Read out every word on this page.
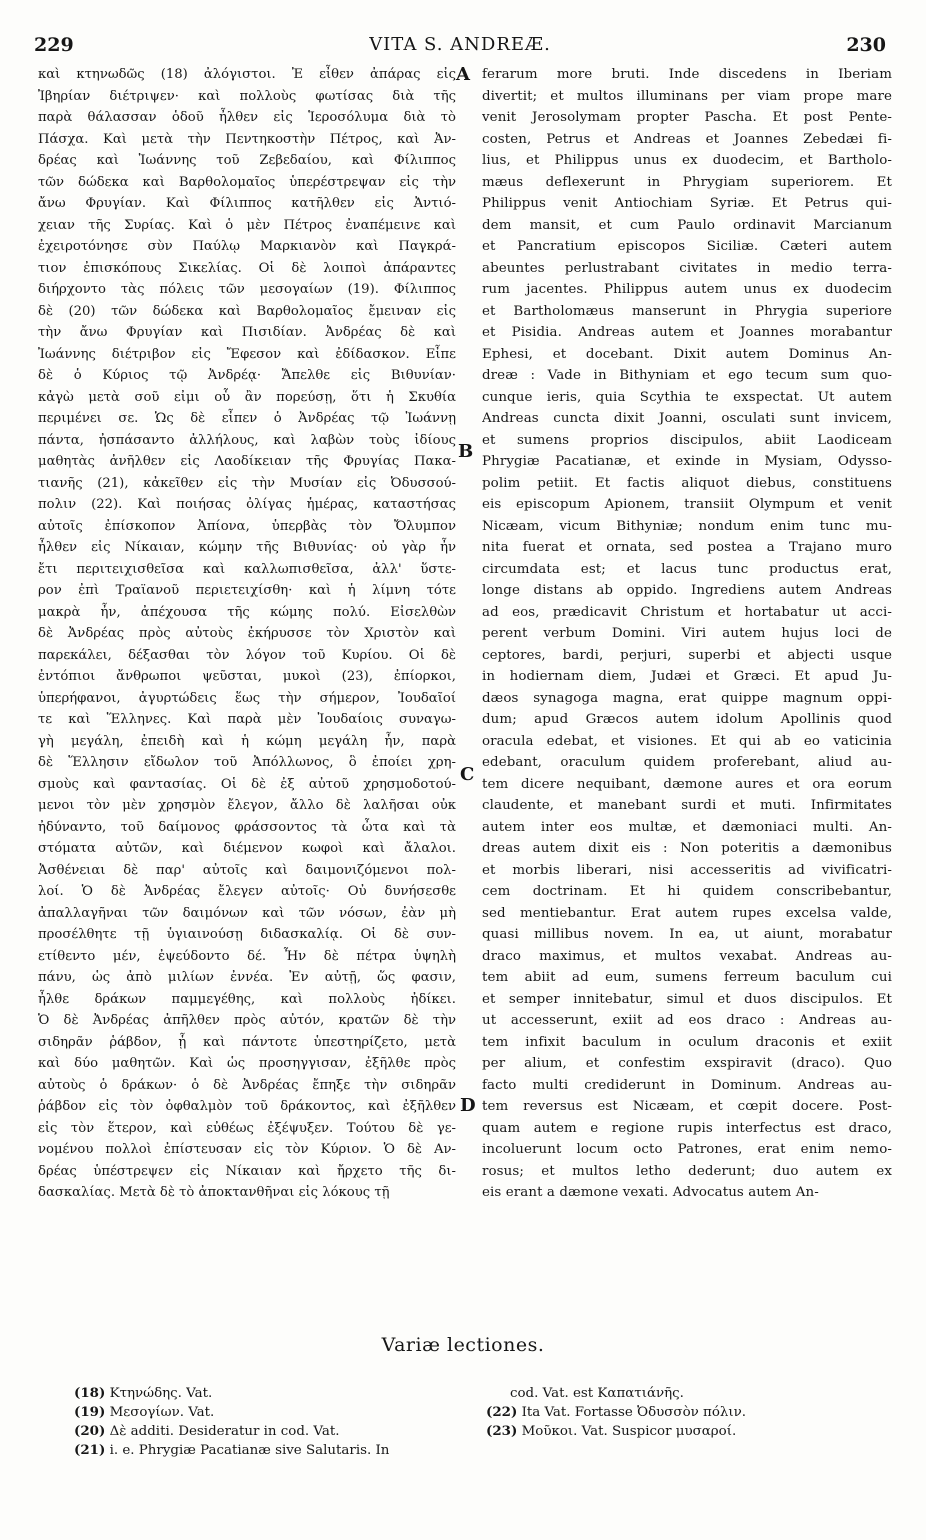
229	VITA S. ANDREÆ.	230
καὶ κτηνωδῶς (18) ἀλόγιστοι. Ἐ εἶθεν ἀπάρας εἰς
Ἰβηρίαν διέτριψεν· καὶ πολλοὺς φωτίσας διὰ τῆς
παρὰ θάλασσαν ὁδοῦ ἦλθεν εἰς Ἱεροσόλυμα διὰ τὸ
Πάσχα. Καὶ μετὰ τὴν Πεντηκοστὴν Πέτρος, καὶ Ἀν-
δρέας καὶ Ἰωάννης τοῦ Ζεβεδαίου, καὶ Φίλιππος
τῶν δώδεκα καὶ Βαρθολομαῖος ὑπερέστρεψαν εἰς τὴν
ἄνω Φρυγίαν. Καὶ Φίλιππος κατῆλθεν εἰς Ἀντιό-
χειαν τῆς Συρίας. Καὶ ὁ μὲν Πέτρος ἐναπέμεινε καὶ
ἐχειροτόνησε σὺν Παύλῳ Μαρκιανὸν καὶ Παγκρά-
τιον ἐπισκόπους Σικελίας. Οἱ δὲ λοιποὶ ἀπάραντες
διήρχοντο τὰς πόλεις τῶν μεσογαίων (19). Φίλιππος
δὲ (20) τῶν δώδεκα καὶ Βαρθολομαῖος ἔμειναν εἰς
τὴν ἄνω Φρυγίαν καὶ Πισιδίαν. Ἀνδρέας δὲ καὶ
Ἰωάννης διέτριβον εἰς Ἔφεσον καὶ ἐδίδασκον. Εἶπε
δὲ ὁ Κύριος τῷ Ἀνδρέᾳ· Ἄπελθε εἰς Βιθυνίαν·
κἀγὼ μετὰ σοῦ εἰμι οὗ ἂν πορεύσῃ, ὅτι ἡ Σκυθία
περιμένει σε. Ὡς δὲ εἶπεν ὁ Ἀνδρέας τῷ Ἰωάννῃ
πάντα, ἠσπάσαντο ἀλλήλους, καὶ λαβὼν τοὺς ἰδίους
μαθητὰς ἀνῆλθεν εἰς Λαοδίκειαν τῆς Φρυγίας Πακα-
τιανῆς (21), κἀκεῖθεν εἰς τὴν Μυσίαν εἰς Ὀδυσσού-
πολιν (22). Καὶ ποιήσας ὀλίγας ἡμέρας, καταστήσας
αὐτοῖς ἐπίσκοπον Ἀπίονα, ὑπερβὰς τὸν Ὄλυμπον
ἦλθεν εἰς Νίκαιαν, κώμην τῆς Βιθυνίας· οὐ γὰρ ἦν
ἔτι περιτειχισθεῖσα καὶ καλλωπισθεῖσα, ἀλλ' ὕστε-
ρον ἐπὶ Τραϊανοῦ περιετειχίσθη· καὶ ἡ λίμνη τότε
μακρὰ ἦν, ἀπέχουσα τῆς κώμης πολύ. Εἰσελθὼν
δὲ Ἀνδρέας πρὸς αὐτοὺς ἐκήρυσσε τὸν Χριστὸν καὶ
παρεκάλει, δέξασθαι τὸν λόγον τοῦ Κυρίου. Οἱ δὲ
ἐντόπιοι ἄνθρωποι ψεῦσται, μυκοὶ (23), ἐπίορκοι,
ὑπερήφανοι, ἀγυρτώδεις ἕως τὴν σήμερον, Ἰουδαῖοί
τε καὶ Ἕλληνες. Καὶ παρὰ μὲν Ἰουδαίοις συναγω-
γὴ μεγάλη, ἐπειδὴ καὶ ἡ κώμη μεγάλη ἦν, παρὰ
δὲ Ἕλλησιν εἴδωλον τοῦ Ἀπόλλωνος, ὃ ἐποίει χρη-
σμοὺς καὶ φαντασίας. Οἱ δὲ ἐξ αὐτοῦ χρησμοδοτού-
μενοι τὸν μὲν χρησμὸν ἔλεγον, ἄλλο δὲ λαλῆσαι οὐκ
ἠδύναντο, τοῦ δαίμονος φράσσοντος τὰ ὦτα καὶ τὰ
στόματα αὐτῶν, καὶ διέμενον κωφοὶ καὶ ἄλαλοι.
Ἀσθένειαι δὲ παρ' αὐτοῖς καὶ δαιμονιζόμενοι πολ-
λοί. Ὁ δὲ Ἀνδρέας ἔλεγεν αὐτοῖς· Οὐ δυνήσεσθε
ἀπαλλαγῆναι τῶν δαιμόνων καὶ τῶν νόσων, ἐὰν μὴ
προσέλθητε τῇ ὑγιαινούσῃ διδασκαλίᾳ. Οἱ δὲ συν-
ετίθεντο μέν, ἐψεύδοντο δέ. Ἦν δὲ πέτρα ὑψηλὴ
πάνυ, ὡς ἀπὸ μιλίων ἐννέα. Ἐν αὐτῇ, ὥς φασιν,
ἦλθε δράκων παμμεγέθης, καὶ πολλοὺς ἠδίκει.
Ὁ δὲ Ἀνδρέας ἀπῆλθεν πρὸς αὐτόν, κρατῶν δὲ τὴν
σιδηρᾶν ῥάβδον, ᾗ καὶ πάντοτε ὑπεστηρίζετο, μετὰ
καὶ δύο μαθητῶν. Καὶ ὡς προσηγγισαν, ἐξῆλθε πρὸς
αὐτοὺς ὁ δράκων· ὁ δὲ Ἀνδρέας ἔπηξε τὴν σιδηρᾶν
ῥάβδον εἰς τὸν ὀφθαλμὸν τοῦ δράκοντος, καὶ ἐξῆλθεν
εἰς τὸν ἕτερον, καὶ εὐθέως ἐξέψυξεν. Τούτου δὲ γε-
νομένου πολλοὶ ἐπίστευσαν εἰς τὸν Κύριον. Ὁ δὲ Αν-
δρέας ὑπέστρεψεν εἰς Νίκαιαν καὶ ἤρχετο τῆς δι-
δασκαλίας. Μετὰ δὲ τὸ ἀποκτανθῆναι εἰς λόκους τῇ
ferarum more bruti. Inde discedens in Iberiam
divertit; et multos illuminans per viam prope mare
venit Jerosolymam propter Pascha. Et post Pente-
costen, Petrus et Andreas et Joannes Zebedæi fi-
lius, et Philippus unus ex duodecim, et Bartholo-
mæus deflexerunt in Phrygiam superiorem. Et
Philippus venit Antiochiam Syriæ. Et Petrus qui-
dem mansit, et cum Paulo ordinavit Marcianum
et Pancratium episcopos Siciliæ. Cæteri autem
abeuntes perlustrabant civitates in medio terra-
rum jacentes. Philippus autem unus ex duodecim
et Bartholomæus manserunt in Phrygia superiore
et Pisidia. Andreas autem et Joannes morabantur
Ephesi, et docebant. Dixit autem Dominus An-
dreæ : Vade in Bithyniam et ego tecum sum quo-
cunque ieris, quia Scythia te exspectat. Ut autem
Andreas cuncta dixit Joanni, osculati sunt invicem,
et sumens proprios discipulos, abiit Laodiceam
Phrygiæ Pacatianæ, et exinde in Mysiam, Odysso-
polim petiit. Et factis aliquot diebus, constituens
eis episcopum Apionem, transiit Olympum et venit
Nicæam, vicum Bithyniæ; nondum enim tunc mu-
nita fuerat et ornata, sed postea a Trajano muro
circumdata est; et lacus tunc productus erat,
longe distans ab oppido. Ingrediens autem Andreas
ad eos, prædicavit Christum et hortabatur ut acci-
perent verbum Domini. Viri autem hujus loci de
ceptores, bardi, perjuri, superbi et abjecti usque
in hodiernam diem, Judæi et Græci. Et apud Ju-
dæos synagoga magna, erat quippe magnum oppi-
dum; apud Græcos autem idolum Apollinis quod
oracula edebat, et visiones. Et qui ab eo vaticinia
edebant, oraculum quidem proferebant, aliud au-
tem dicere nequibant, dæmone aures et ora eorum
claudente, et manebant surdi et muti. Infirmitates
autem inter eos multæ, et dæmoniaci multi. An-
dreas autem dixit eis : Non poteritis a dæmonibus
et morbis liberari, nisi accesseritis ad vivificatri-
cem doctrinam. Et hi quidem conscribebantur,
sed mentiebantur. Erat autem rupes excelsa valde,
quasi millibus novem. In ea, ut aiunt, morabatur
draco maximus, et multos vexabat. Andreas au-
tem abiit ad eum, sumens ferreum baculum cui
et semper innitebatur, simul et duos discipulos. Et
ut accesserunt, exiit ad eos draco : Andreas au-
tem infixit baculum in oculum draconis et exiit
per alium, et confestim exspiravit (draco). Quo
facto multi crediderunt in Dominum. Andreas au-
tem reversus est Nicæam, et cœpit docere. Post-
quam autem e regione rupis interfectus est draco,
incoluerunt locum octo Patrones, erat enim nemo-
rosus; et multos letho dederunt; duo autem ex
eis erant a dæmone vexati. Advocatus autem An-
A
B
C
D
Variæ lectiones.
(18) Κτηνώδης. Vat.
(19) Μεσογίων. Vat.
(20) Δὲ additi. Desideratur in cod. Vat.
(21) i. e. Phrygiæ Pacatianæ sive Salutaris. In
cod. Vat. est Καπατιάνῆς.
(22) Ita Vat. Fortasse Ὀδυσσὸν πόλιν.
(23) Μοῦκοι. Vat. Suspicor μυσαροί.
